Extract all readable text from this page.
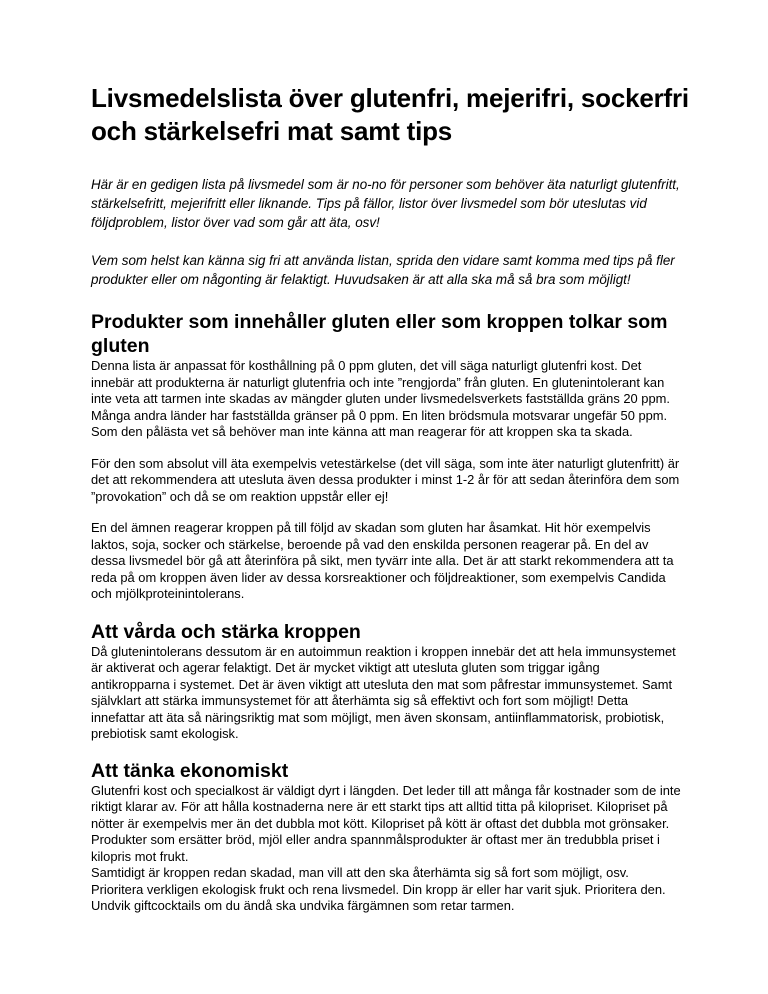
Livsmedelslista över glutenfri, mejerifri, sockerfri och stärkelsefri mat samt tips

Här är en gedigen lista på livsmedel som är no-no för personer som behöver äta naturligt glutenfritt, stärkelsefritt, mejerifritt eller liknande. Tips på fällor, listor över livsmedel som bör uteslutas vid följdproblem, listor över vad som går att äta, osv!

Vem som helst kan känna sig fri att använda listan, sprida den vidare samt komma med tips på fler produkter eller om någonting är felaktigt. Huvudsaken är att alla ska må så bra som möjligt!

Produkter som innehåller gluten eller som kroppen tolkar som gluten

Denna lista är anpassat för kosthållning på 0 ppm gluten, det vill säga naturligt glutenfri kost. Det innebär att produkterna är naturligt glutenfria och inte ”rengjorda” från gluten. En glutenintolerant kan inte veta att tarmen inte skadas av mängder gluten under livsmedelsverkets fastställda gräns 20 ppm. Många andra länder har fastställda gränser på 0 ppm. En liten brödsmula motsvarar ungefär 50 ppm. Som den pålästa vet så behöver man inte känna att man reagerar för att kroppen ska ta skada.

För den som absolut vill äta exempelvis vetestärkelse (det vill säga, som inte äter naturligt glutenfritt) är det att rekommendera att utesluta även dessa produkter i minst 1-2 år för att sedan återinföra dem som ”provokation” och då se om reaktion uppstår eller ej!

En del ämnen reagerar kroppen på till följd av skadan som gluten har åsamkat. Hit hör exempelvis laktos, soja, socker och stärkelse, beroende på vad den enskilda personen reagerar på. En del av dessa livsmedel bör gå att återinföra på sikt, men tyvärr inte alla. Det är att starkt rekommendera att ta reda på om kroppen även lider av dessa korsreaktioner och följdreaktioner, som exempelvis Candida och mjölkproteinintolerans.

Att vårda och stärka kroppen

Då glutenintolerans dessutom är en autoimmun reaktion i kroppen innebär det att hela immunsystemet är aktiverat och agerar felaktigt. Det är mycket viktigt att utesluta gluten som triggar igång antikropparna i systemet. Det är även viktigt att utesluta den mat som påfrestar immunsystemet. Samt självklart att stärka immunsystemet för att återhämta sig så effektivt och fort som möjligt! Detta innefattar att äta så näringsriktig mat som möjligt, men även skonsam, antiinflammatorisk, probiotisk, prebiotisk samt ekologisk.

Att tänka ekonomiskt

Glutenfri kost och specialkost är väldigt dyrt i längden. Det leder till att många får kostnader som de inte riktigt klarar av. För att hålla kostnaderna nere är ett starkt tips att alltid titta på kilopriset. Kilopriset på nötter är exempelvis mer än det dubbla mot kött. Kilopriset på kött är oftast det dubbla mot grönsaker. Produkter som ersätter bröd, mjöl eller andra spannmålsprodukter är oftast mer än tredubbla priset i kilopris mot frukt.

Samtidigt är kroppen redan skadad, man vill att den ska återhämta sig så fort som möjligt, osv. Prioritera verkligen ekologisk frukt och rena livsmedel. Din kropp är eller har varit sjuk. Prioritera den. Undvik giftcocktails om du ändå ska undvika färgämnen som retar tarmen.
